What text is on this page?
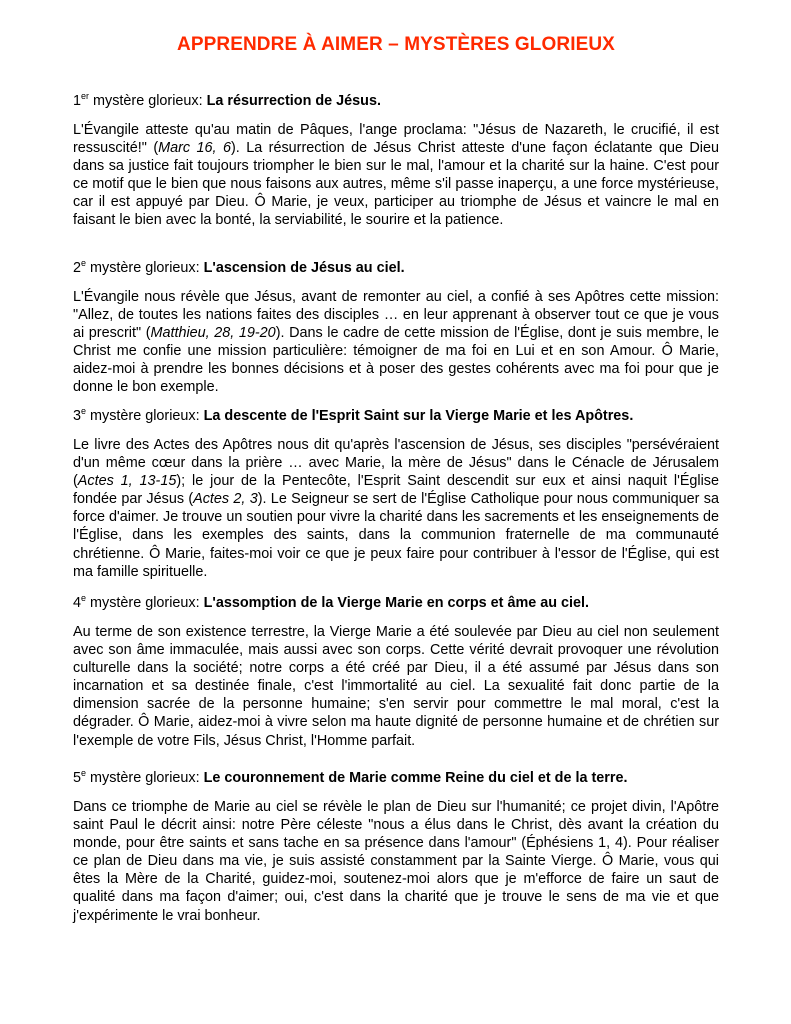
APPRENDRE À AIMER – MYSTÈRES GLORIEUX

1er mystère glorieux: La résurrection de Jésus.

L'Évangile atteste qu'au matin de Pâques, l'ange proclama: "Jésus de Nazareth, le crucifié, il est ressuscité!" (Marc 16, 6). La résurrection de Jésus Christ atteste d'une façon éclatante que Dieu dans sa justice fait toujours triompher le bien sur le mal, l'amour et la charité sur la haine. C'est pour ce motif que le bien que nous faisons aux autres, même s'il passe inaperçu, a une force mystérieuse, car il est appuyé par Dieu. Ô Marie, je veux, participer au triomphe de Jésus et vaincre le mal en faisant le bien avec la bonté, la serviabilité, le sourire et la patience.

2e mystère glorieux: L'ascension de Jésus au ciel.

L'Évangile nous révèle que Jésus, avant de remonter au ciel, a confié à ses Apôtres cette mission: "Allez, de toutes les nations faites des disciples … en leur apprenant à observer tout ce que je vous ai prescrit" (Matthieu, 28, 19-20). Dans le cadre de cette mission de l'Église, dont je suis membre, le Christ me confie une mission particulière: témoigner de ma foi en Lui et en son Amour. Ô Marie, aidez-moi à prendre les bonnes décisions et à poser des gestes cohérents avec ma foi pour que je donne le bon exemple.

3e mystère glorieux: La descente de l'Esprit Saint sur la Vierge Marie et les Apôtres.

Le livre des Actes des Apôtres nous dit qu'après l'ascension de Jésus, ses disciples "persévéraient d'un même cœur dans la prière … avec Marie, la mère de Jésus" dans le Cénacle de Jérusalem (Actes 1, 13-15); le jour de la Pentecôte, l'Esprit Saint descendit sur eux et ainsi naquit l'Église fondée par Jésus (Actes 2, 3). Le Seigneur se sert de l'Église Catholique pour nous communiquer sa force d'aimer. Je trouve un soutien pour vivre la charité dans les sacrements et les enseignements de l'Église, dans les exemples des saints, dans la communion fraternelle de ma communauté chrétienne. Ô Marie, faites-moi voir ce que je peux faire pour contribuer à l'essor de l'Église, qui est ma famille spirituelle.

4e mystère glorieux: L'assomption de la Vierge Marie en corps et âme au ciel.

Au terme de son existence terrestre, la Vierge Marie a été soulevée par Dieu au ciel non seulement avec son âme immaculée, mais aussi avec son corps. Cette vérité devrait provoquer une révolution culturelle dans la société; notre corps a été créé par Dieu, il a été assumé par Jésus dans son incarnation et sa destinée finale, c'est l'immortalité au ciel. La sexualité fait donc partie de la dimension sacrée de la personne humaine; s'en servir pour commettre le mal moral, c'est la dégrader. Ô Marie, aidez-moi à vivre selon ma haute dignité de personne humaine et de chrétien sur l'exemple de votre Fils, Jésus Christ, l'Homme parfait.

5e mystère glorieux: Le couronnement de Marie comme Reine du ciel et de la terre.

Dans ce triomphe de Marie au ciel se révèle le plan de Dieu sur l'humanité; ce projet divin, l'Apôtre saint Paul le décrit ainsi: notre Père céleste "nous a élus dans le Christ, dès avant la création du monde, pour être saints et sans tache en sa présence dans l'amour" (Éphésiens 1, 4). Pour réaliser ce plan de Dieu dans ma vie, je suis assisté constamment par la Sainte Vierge. Ô Marie, vous qui êtes la Mère de la Charité, guidez-moi, soutenez-moi alors que je m'efforce de faire un saut de qualité dans ma façon d'aimer; oui, c'est dans la charité que je trouve le sens de ma vie et que j'expérimente le vrai bonheur.
